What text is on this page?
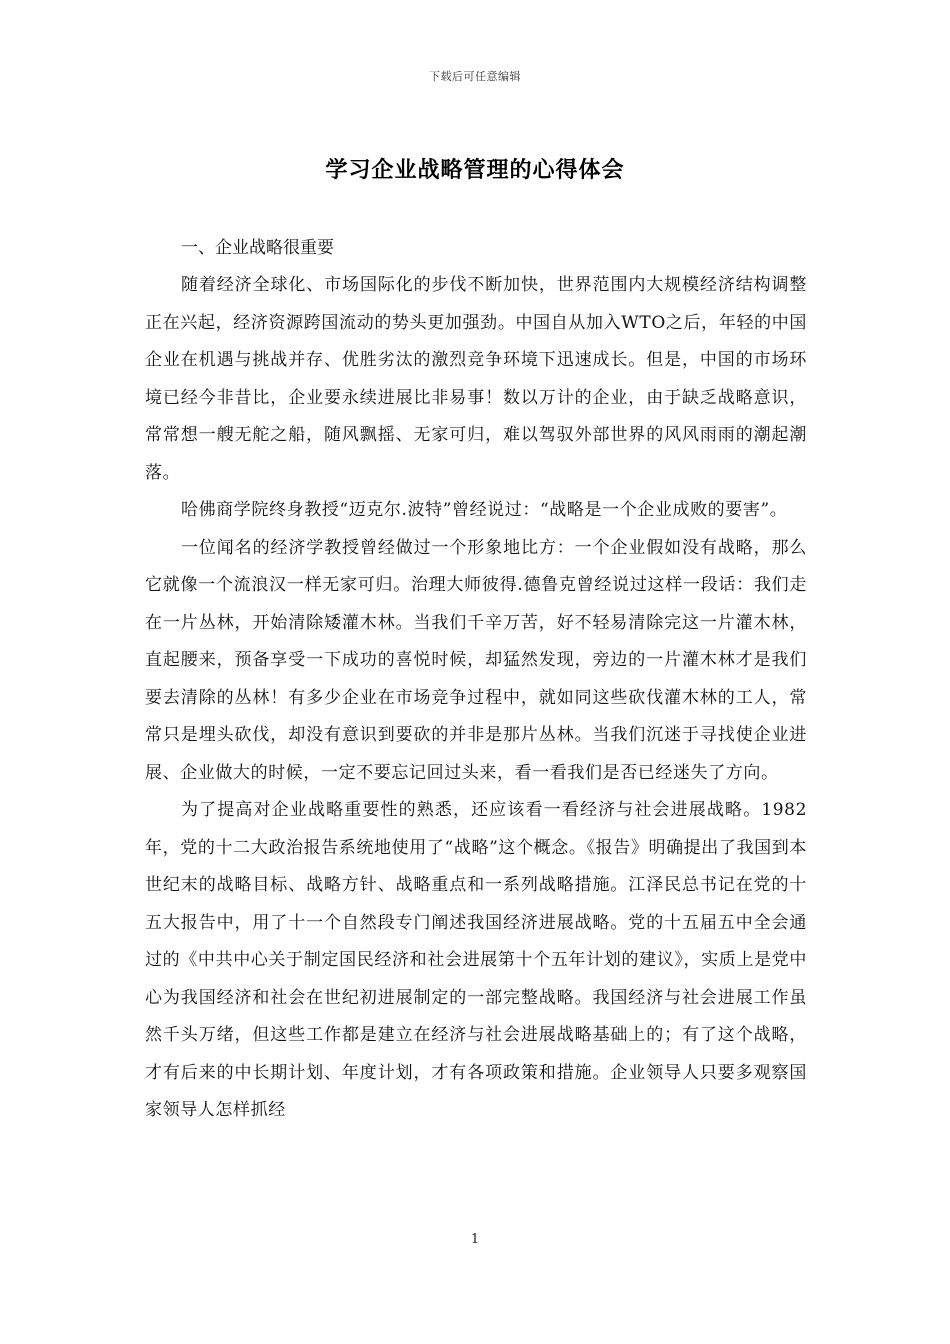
下载后可任意编辑
学习企业战略管理的心得体会

一、企业战略很重要

随着经济全球化、市场国际化的步伐不断加快，世界范围内大规模经济结构调整正在兴起，经济资源跨国流动的势头更加强劲。中国自从加入WTO之后，年轻的中国企业在机遇与挑战并存、优胜劣汰的激烈竞争环境下迅速成长。但是，中国的市场环境已经今非昔比，企业要永续进展比非易事！数以万计的企业，由于缺乏战略意识，常常想一艘无舵之船，随风飘摇、无家可归，难以驾驭外部世界的风风雨雨的潮起潮落。

哈佛商学院终身教授“迈克尔.波特”曾经说过：“战略是一个企业成败的要害”。

一位闻名的经济学教授曾经做过一个形象地比方：一个企业假如没有战略，那么它就像一个流浪汉一样无家可归。治理大师彼得.德鲁克曾经说过这样一段话：我们走在一片丛林，开始清除矮灌木林。当我们千辛万苦，好不轻易清除完这一片灌木林，直起腰来，预备享受一下成功的喜悦时候，却猛然发现，旁边的一片灌木林才是我们要去清除的丛林！有多少企业在市场竞争过程中，就如同这些砍伐灌木林的工人，常常只是埋头砍伐，却没有意识到要砍的并非是那片丛林。当我们沉迷于寻找使企业进展、企业做大的时候，一定不要忘记回过头来，看一看我们是否已经迷失了方向。

为了提高对企业战略重要性的熟悉，还应该看一看经济与社会进展战略。1982年，党的十二大政治报告系统地使用了“战略”这个概念。《报告》明确提出了我国到本世纪末的战略目标、战略方针、战略重点和一系列战略措施。江泽民总书记在党的十五大报告中，用了十一个自然段专门阐述我国经济进展战略。党的十五届五中全会通过的《中共中心关于制定国民经济和社会进展第十个五年计划的建议》，实质上是党中心为我国经济和社会在世纪初进展制定的一部完整战略。我国经济与社会进展工作虽然千头万绪，但这些工作都是建立在经济与社会进展战略基础上的；有了这个战略，才有后来的中长期计划、年度计划，才有各项政策和措施。企业领导人只要多观察国家领导人怎样抓经

1
